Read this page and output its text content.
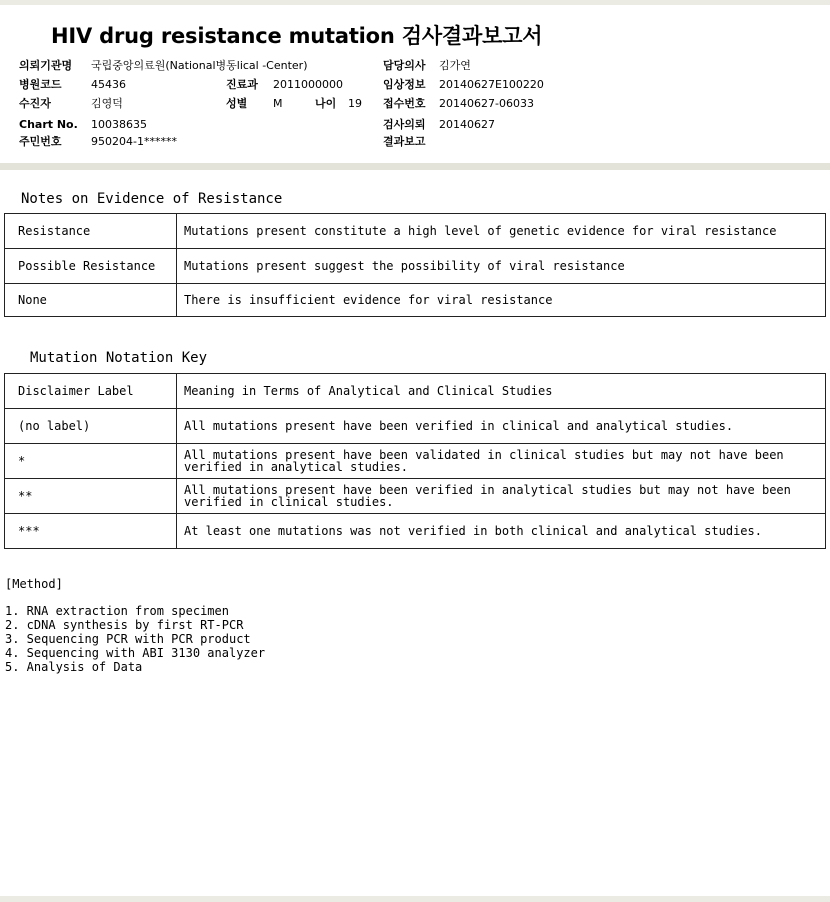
HIV drug resistance mutation 검사결과보고서
의뢰기관명 국립중앙의료원(National병동lical -Center)	담당의사 김가연
병원코드	45436	진료과 2011000000	임상정보 20140627E100220
수진자	김영덕	성별 M	나이 19 접수번호 20140627-06033
Chart No. 10038635	검사의뢰 20140627
주민번호	950204-1******	결과보고
Notes on Evidence of Resistance
Resistance	Mutations present constitute a high level of genetic evidence for viral resistance
Possible Resistance	Mutations present suggest the possibility of viral resistance
None	There is insufficient evidence for viral resistance
Mutation Notation Key
Disclaimer Label	Meaning in Terms of Analytical and Clinical Studies
(no label)	All mutations present have been verified in clinical and analytical studies.
*	All mutations present have been validated in clinical studies but may not have been verified in analytical studies.
**	All mutations present have been verified in analytical studies but may not have been verified in clinical studies.
***	At least one mutations was not verified in both clinical and analytical studies.
[Method]
1. RNA extraction from specimen
2. cDNA synthesis by first RT-PCR
3. Sequencing PCR with PCR product
4. Sequencing with ABI 3130 analyzer
5. Analysis of Data
